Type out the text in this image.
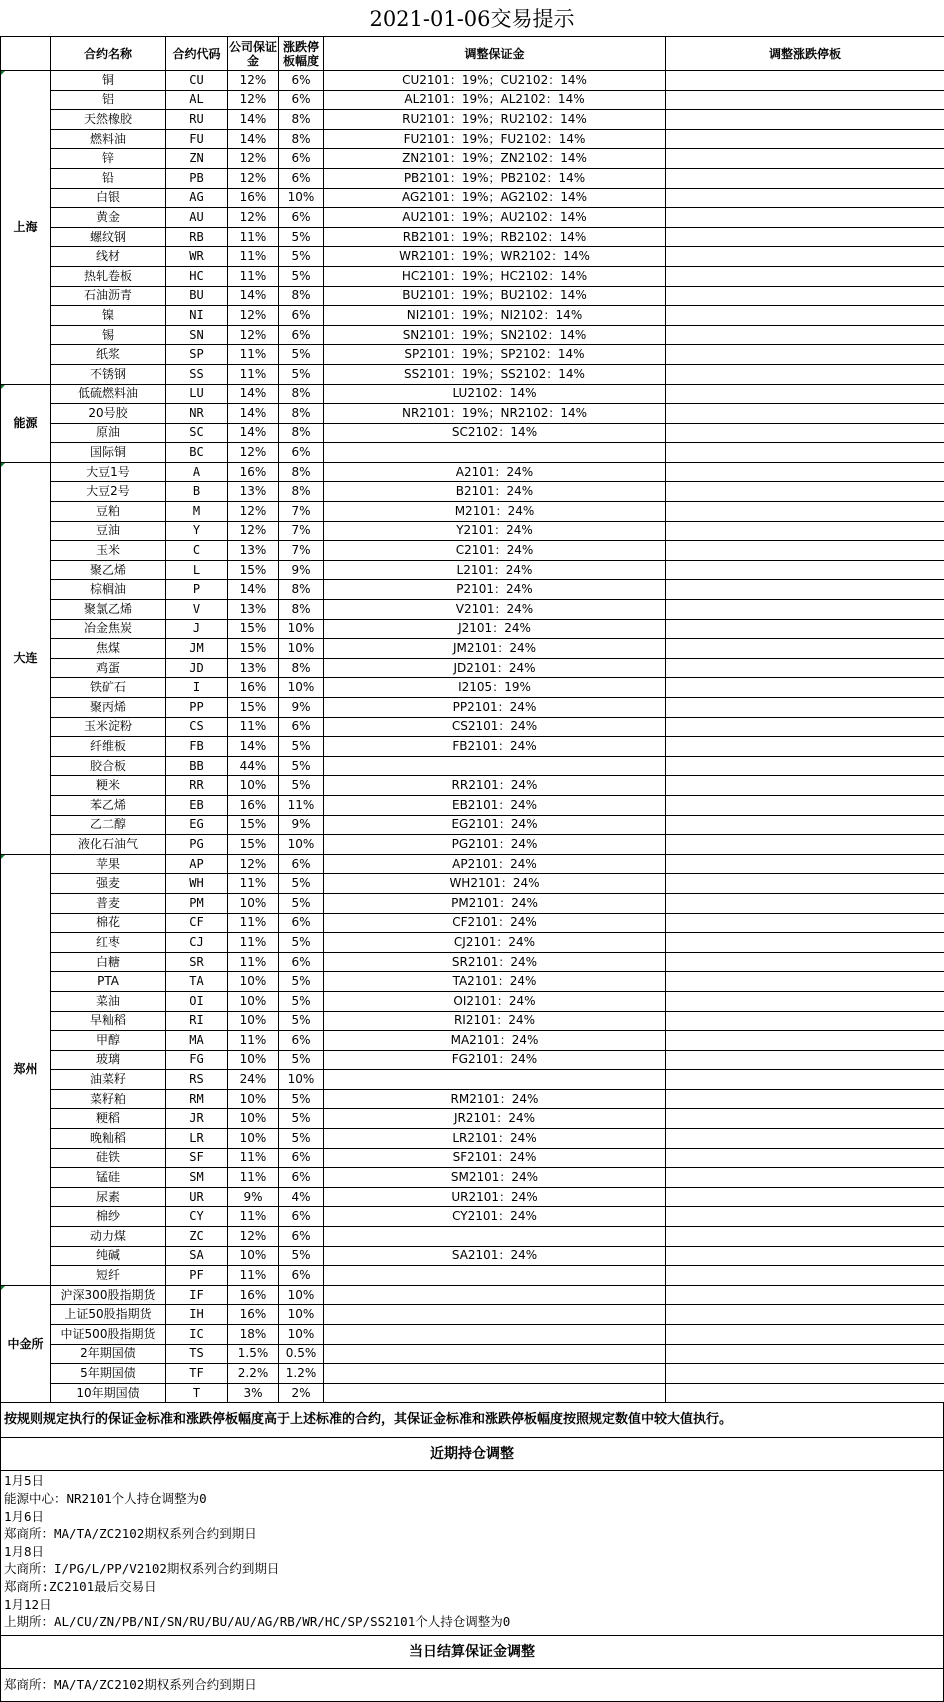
2021-01-06交易提示
	合约名称	合约代码	公司保证金	涨跌停板幅度	调整保证金	调整涨跌停板
上海	铜	CU	12%	6%	CU2101：19%；CU2102：14%	
	铝	AL	12%	6%	AL2101：19%；AL2102：14%	
	天然橡胶	RU	14%	8%	RU2101：19%；RU2102：14%	
	燃料油	FU	14%	8%	FU2101：19%；FU2102：14%	
	锌	ZN	12%	6%	ZN2101：19%；ZN2102：14%	
	铅	PB	12%	6%	PB2101：19%；PB2102：14%	
	白银	AG	16%	10%	AG2101：19%；AG2102：14%	
	黄金	AU	12%	6%	AU2101：19%；AU2102：14%	
	螺纹钢	RB	11%	5%	RB2101：19%；RB2102：14%	
	线材	WR	11%	5%	WR2101：19%；WR2102：14%	
	热轧卷板	HC	11%	5%	HC2101：19%；HC2102：14%	
	石油沥青	BU	14%	8%	BU2101：19%；BU2102：14%	
	镍	NI	12%	6%	NI2101：19%；NI2102：14%	
	锡	SN	12%	6%	SN2101：19%；SN2102：14%	
	纸浆	SP	11%	5%	SP2101：19%；SP2102：14%	
	不锈钢	SS	11%	5%	SS2101：19%；SS2102：14%	
能源	低硫燃料油	LU	14%	8%	LU2102：14%	
	20号胶	NR	14%	8%	NR2101：19%；NR2102：14%	
	原油	SC	14%	8%	SC2102：14%	
	国际铜	BC	12%	6%		
大连	大豆1号	A	16%	8%	A2101：24%	
	大豆2号	B	13%	8%	B2101：24%	
	豆粕	M	12%	7%	M2101：24%	
	豆油	Y	12%	7%	Y2101：24%	
	玉米	C	13%	7%	C2101：24%	
	聚乙烯	L	15%	9%	L2101：24%	
	棕榈油	P	14%	8%	P2101：24%	
	聚氯乙烯	V	13%	8%	V2101：24%	
	冶金焦炭	J	15%	10%	J2101：24%	
	焦煤	JM	15%	10%	JM2101：24%	
	鸡蛋	JD	13%	8%	JD2101：24%	
	铁矿石	I	16%	10%	I2105：19%	
	聚丙烯	PP	15%	9%	PP2101：24%	
	玉米淀粉	CS	11%	6%	CS2101：24%	
	纤维板	FB	14%	5%	FB2101：24%	
	胶合板	BB	44%	5%		
	粳米	RR	10%	5%	RR2101：24%	
	苯乙烯	EB	16%	11%	EB2101：24%	
	乙二醇	EG	15%	9%	EG2101：24%	
	液化石油气	PG	15%	10%	PG2101：24%	
郑州	苹果	AP	12%	6%	AP2101：24%	
	强麦	WH	11%	5%	WH2101：24%	
	普麦	PM	10%	5%	PM2101：24%	
	棉花	CF	11%	6%	CF2101：24%	
	红枣	CJ	11%	5%	CJ2101：24%	
	白糖	SR	11%	6%	SR2101：24%	
	PTA	TA	10%	5%	TA2101：24%	
	菜油	OI	10%	5%	OI2101：24%	
	早籼稻	RI	10%	5%	RI2101：24%	
	甲醇	MA	11%	6%	MA2101：24%	
	玻璃	FG	10%	5%	FG2101：24%	
	油菜籽	RS	24%	10%		
	菜籽粕	RM	10%	5%	RM2101：24%	
	粳稻	JR	10%	5%	JR2101：24%	
	晚籼稻	LR	10%	5%	LR2101：24%	
	硅铁	SF	11%	6%	SF2101：24%	
	锰硅	SM	11%	6%	SM2101：24%	
	尿素	UR	9%	4%	UR2101：24%	
	棉纱	CY	11%	6%	CY2101：24%	
	动力煤	ZC	12%	6%		
	纯碱	SA	10%	5%	SA2101：24%	
	短纤	PF	11%	6%		
中金所	沪深300股指期货	IF	16%	10%		
	上证50股指期货	IH	16%	10%		
	中证500股指期货	IC	18%	10%		
	2年期国债	TS	1.5%	0.5%		
	5年期国债	TF	2.2%	1.2%		
	10年期国债	T	3%	2%		
按规则规定执行的保证金标准和涨跌停板幅度高于上述标准的合约，其保证金标准和涨跌停板幅度按照规定数值中较大值执行。
近期持仓调整
1月5日
能源中心：NR2101个人持仓调整为0
1月6日
郑商所：MA/TA/ZC2102期权系列合约到期日
1月8日
大商所：I/PG/L/PP/V2102期权系列合约到期日
郑商所:ZC2101最后交易日
1月12日
上期所：AL/CU/ZN/PB/NI/SN/RU/BU/AU/AG/RB/WR/HC/SP/SS2101个人持仓调整为0
当日结算保证金调整
郑商所：MA/TA/ZC2102期权系列合约到期日
